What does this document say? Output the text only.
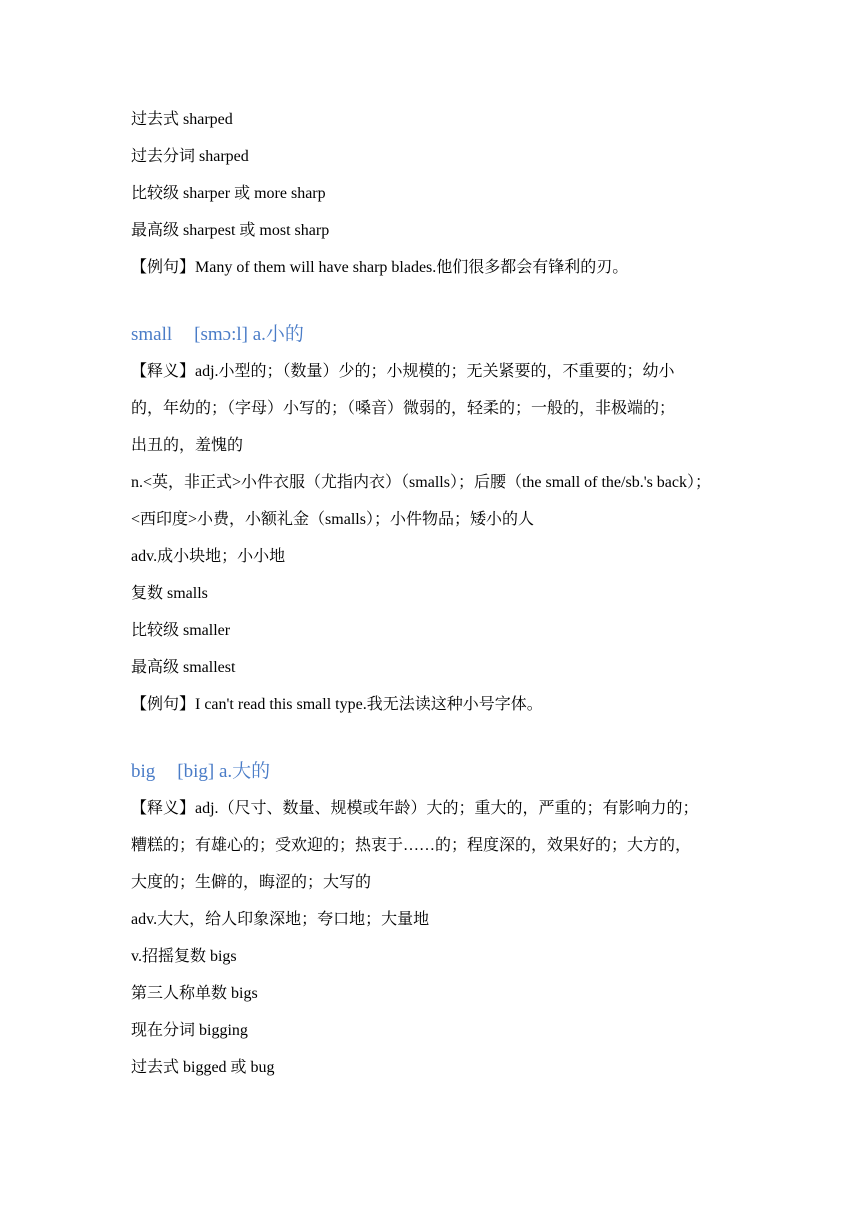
过去式 sharped
过去分词 sharped
比较级 sharper 或 more sharp
最高级 sharpest 或 most sharp
【例句】Many of them will have sharp blades.他们很多都会有锋利的刃。
small [smɔ:l] a.小的
【释义】adj.小型的；（数量）少的；小规模的；无关紧要的，不重要的；幼小
的，年幼的；（字母）小写的；（嗓音）微弱的，轻柔的；一般的，非极端的；
出丑的，羞愧的
n.<英，非正式>小件衣服（尤指内衣）（smalls）；后腰（the small of the/sb.'s back）；
<西印度>小费，小额礼金（smalls）；小件物品；矮小的人
adv.成小块地；小小地
复数 smalls
比较级 smaller
最高级 smallest
【例句】I can't read this small type.我无法读这种小号字体。
big [big] a.大的
【释义】adj.（尺寸、数量、规模或年龄）大的；重大的，严重的；有影响力的；
糟糕的；有雄心的；受欢迎的；热衷于……的；程度深的，效果好的；大方的，
大度的；生僻的，晦涩的；大写的
adv.大大，给人印象深地；夸口地；大量地
v.招摇复数 bigs
第三人称单数 bigs
现在分词 bigging
过去式 bigged 或 bug
